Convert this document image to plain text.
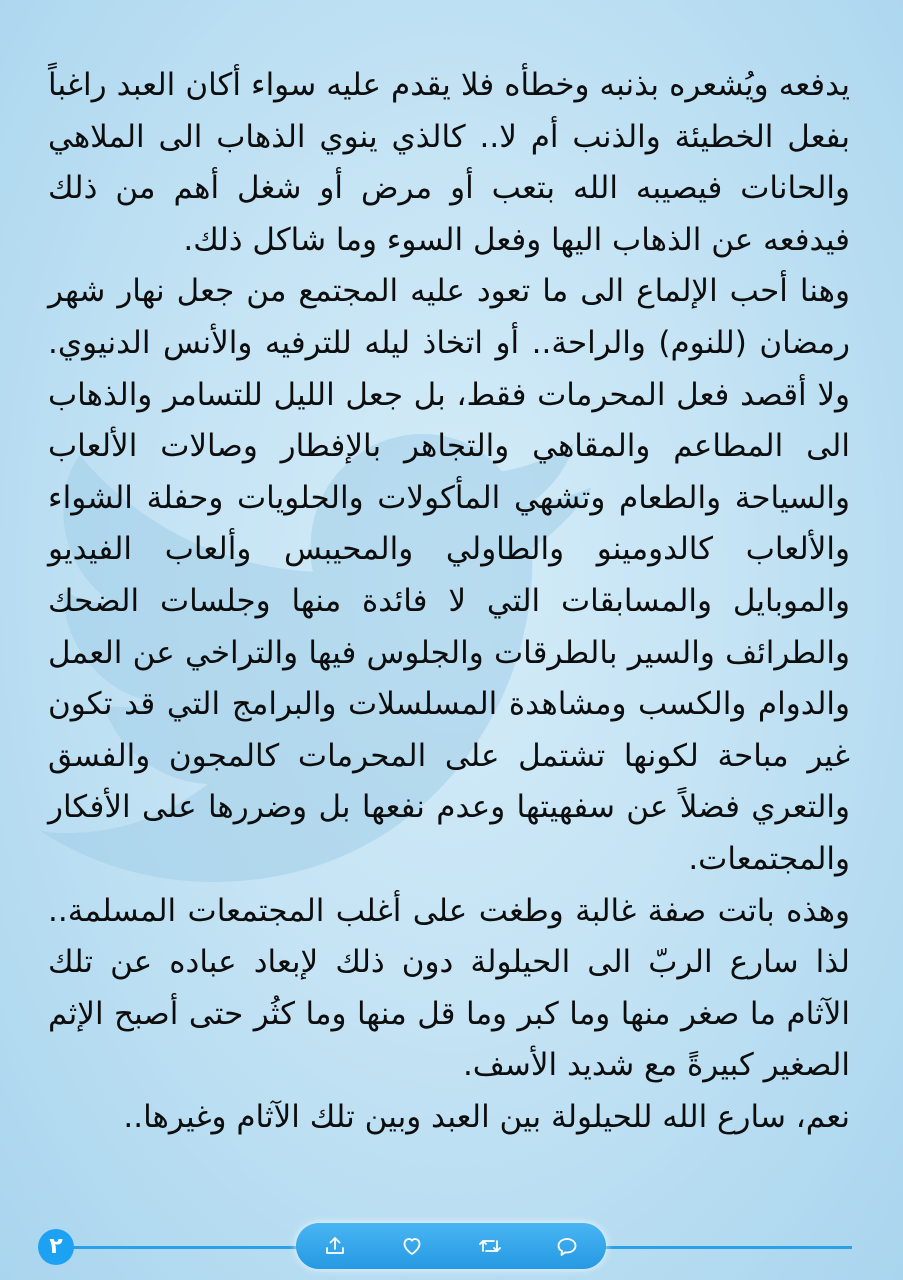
يدفعه ويُشعره بذنبه وخطأه فلا يقدم عليه سواء أكان العبد راغباً بفعل الخطيئة والذنب أم لا.. كالذي ينوي الذهاب الى الملاهي والحانات فيصيبه الله بتعب أو مرض أو شغل أهم من ذلك فيدفعه عن الذهاب اليها وفعل السوء وما شاكل ذلك.

وهنا أحب الإلماع الى ما تعود عليه المجتمع من جعل نهار شهر رمضان (للنوم) والراحة.. أو اتخاذ ليله للترفيه والأنس الدنيوي. ولا أقصد فعل المحرمات فقط، بل جعل الليل للتسامر والذهاب الى المطاعم والمقاهي والتجاهر بالإفطار وصالات الألعاب والسياحة والطعام وتشهي المأكولات والحلويات وحفلة الشواء والألعاب كالدومينو والطاولي والمحيبس وألعاب الفيديو والموبايل والمسابقات التي لا فائدة منها وجلسات الضحك والطرائف والسير بالطرقات والجلوس فيها والتراخي عن العمل والدوام والكسب ومشاهدة المسلسلات والبرامج التي قد تكون غير مباحة لكونها تشتمل على المحرمات كالمجون والفسق والتعري فضلاً عن سفهيتها وعدم نفعها بل وضررها على الأفكار والمجتمعات.

وهذه باتت صفة غالبة وطغت على أغلب المجتمعات المسلمة.. لذا سارع الربّ الى الحيلولة دون ذلك لإبعاد عباده عن تلك الآثام ما صغر منها وما كبر وما قل منها وما كثُر حتى أصبح الإثم الصغير كبيرةً مع شديد الأسف.

نعم، سارع الله للحيلولة بين العبد وبين تلك الآثام وغيرها..

٢
